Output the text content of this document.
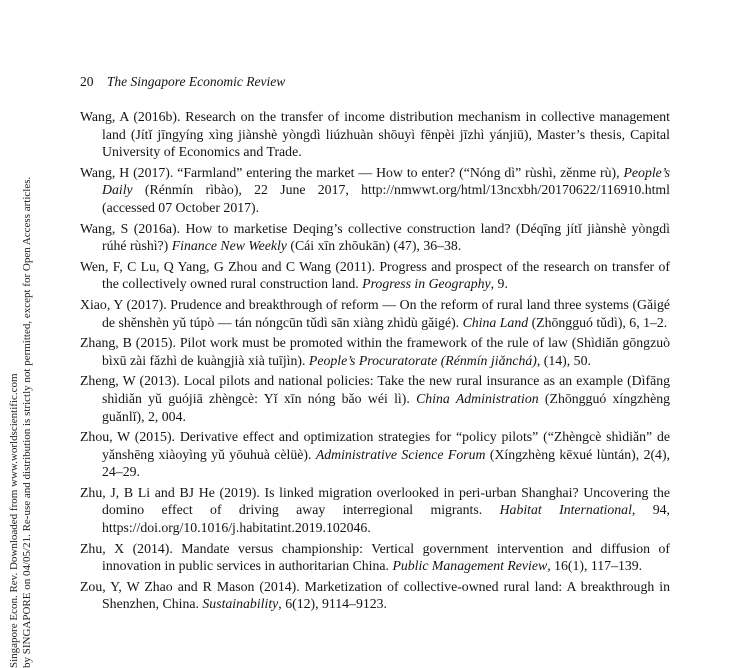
Singapore Econ. Rev. Downloaded from www.worldscientific.com by SINGAPORE on 04/05/21. Re-use and distribution is strictly not permitted, except for Open Access articles.
20 The Singapore Economic Review

Wang, A (2016b). Research on the transfer of income distribution mechanism in collective management land (Jítǐ jīngyíng xìng jiànshè yòngdì liúzhuàn shōuyì fēnpèi jīzhì yánjiū), Master’s thesis, Capital University of Economics and Trade.

Wang, H (2017). “Farmland” entering the market — How to enter? (“Nóng dì” rùshì, zěnme rù), People’s Daily (Rénmín rìbào), 22 June 2017, http://nmwwt.org/html/13ncxbh/20170622/116910.html (accessed 07 October 2017).

Wang, S (2016a). How to marketise Deqing’s collective construction land? (Déqīng jítǐ jiànshè yòngdì rúhé rùshì?) Finance New Weekly (Cái xīn zhōukān) (47), 36–38.

Wen, F, C Lu, Q Yang, G Zhou and C Wang (2011). Progress and prospect of the research on transfer of the collectively owned rural construction land. Progress in Geography, 9.

Xiao, Y (2017). Prudence and breakthrough of reform — On the reform of rural land three systems (Gǎigé de shěnshèn yǔ túpò — tán nóngcūn tǔdì sān xiàng zhìdù gǎigé). China Land (Zhōngguó tǔdì), 6, 1–2.

Zhang, B (2015). Pilot work must be promoted within the framework of the rule of law (Shìdiǎn gōngzuò bìxū zài fǎzhì de kuàngjià xià tuījìn). People’s Procuratorate (Rénmín jiǎnchá), (14), 50.

Zheng, W (2013). Local pilots and national policies: Take the new rural insurance as an example (Dìfāng shìdiǎn yǔ guójiā zhèngcè: Yǐ xīn nóng bǎo wéi lì). China Administration (Zhōngguó xíngzhèng guǎnlǐ), 2, 004.

Zhou, W (2015). Derivative effect and optimization strategies for “policy pilots” (“Zhèngcè shìdiǎn” de yǎnshēng xiàoyìng yǔ yōuhuà cèlüè). Administrative Science Forum (Xíngzhèng kēxué lùntán), 2(4), 24–29.

Zhu, J, B Li and BJ He (2019). Is linked migration overlooked in peri-urban Shanghai? Uncovering the domino effect of driving away interregional migrants. Habitat International, 94, https://doi.org/10.1016/j.habitatint.2019.102046.

Zhu, X (2014). Mandate versus championship: Vertical government intervention and diffusion of innovation in public services in authoritarian China. Public Management Review, 16(1), 117–139.

Zou, Y, W Zhao and R Mason (2014). Marketization of collective-owned rural land: A breakthrough in Shenzhen, China. Sustainability, 6(12), 9114–9123.
